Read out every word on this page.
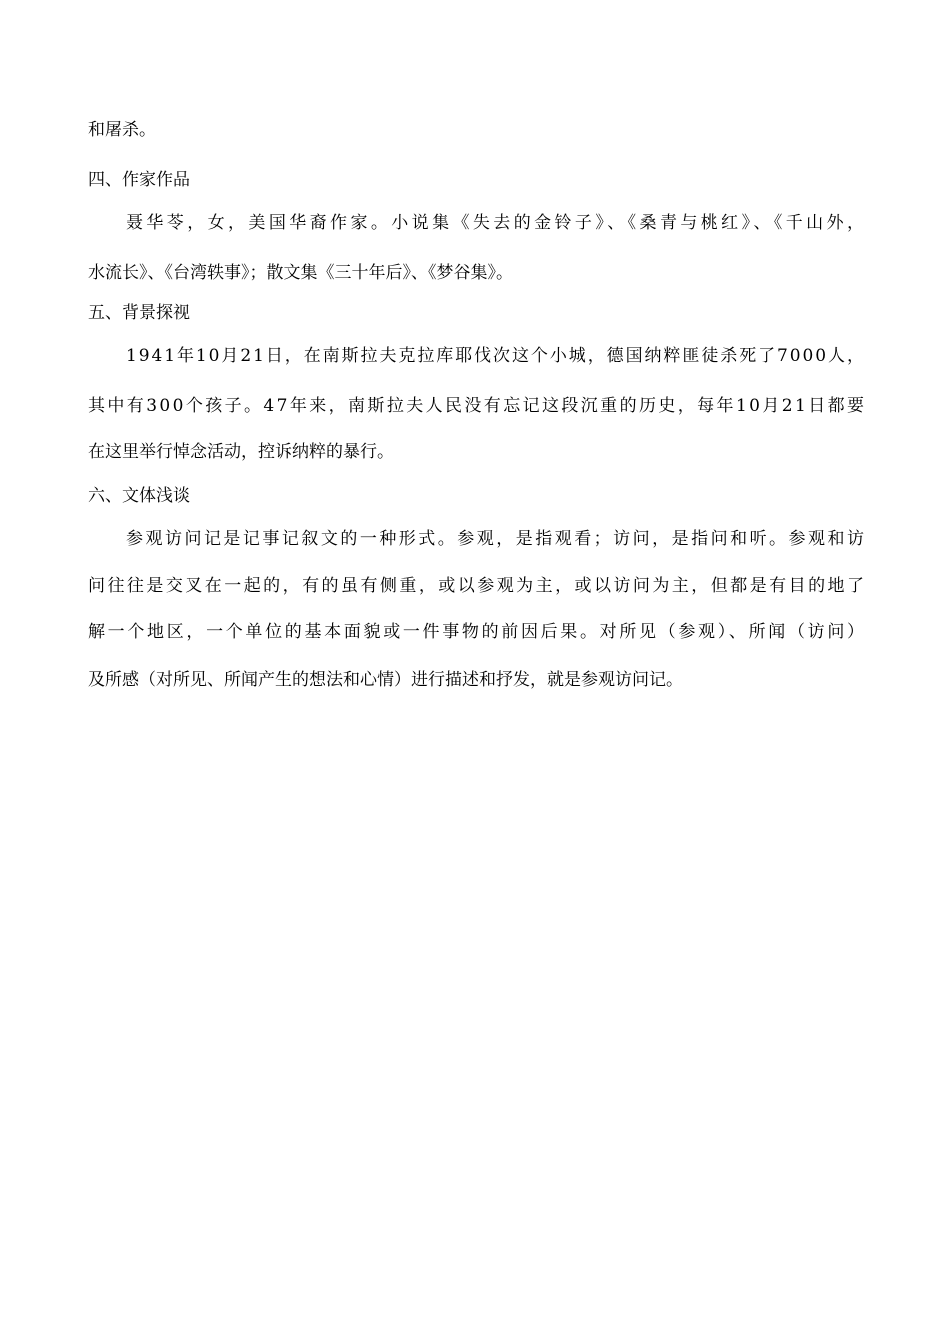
和屠杀。
四、作家作品
聂华苓，女，美国华裔作家。小说集《失去的金铃子》、《桑青与桃红》、《千山外，
水流长》、《台湾轶事》；散文集《三十年后》、《梦谷集》。
五、背景探视
1941年10月21日，在南斯拉夫克拉库耶伐次这个小城，德国纳粹匪徒杀死了7000人，
其中有300个孩子。47年来，南斯拉夫人民没有忘记这段沉重的历史，每年10月21日都要
在这里举行悼念活动，控诉纳粹的暴行。
六、文体浅谈
参观访问记是记事记叙文的一种形式。参观，是指观看；访问，是指问和听。参观和访
问往往是交叉在一起的，有的虽有侧重，或以参观为主，或以访问为主，但都是有目的地了
解一个地区，一个单位的基本面貌或一件事物的前因后果。对所见（参观）、所闻（访问）
及所感（对所见、所闻产生的想法和心情）进行描述和抒发，就是参观访问记。
